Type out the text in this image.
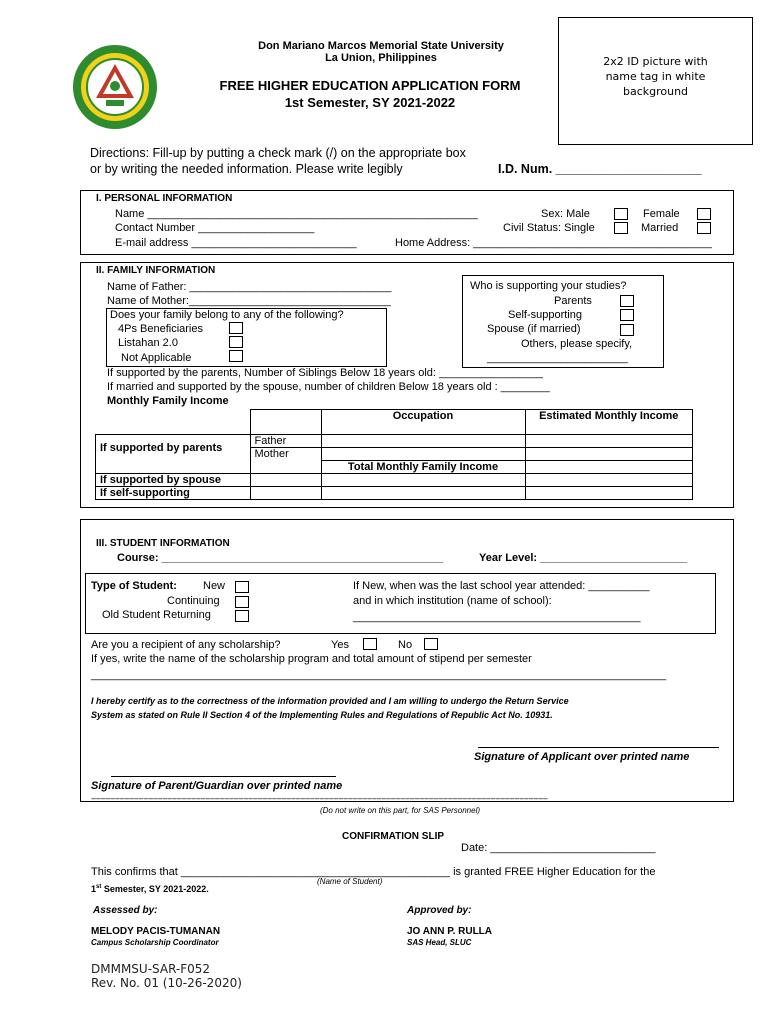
Don Mariano Marcos Memorial State University
La Union, Philippines
FREE HIGHER EDUCATION APPLICATION FORM
1st Semester, SY 2021-2022
2x2 ID picture with
name tag in white
background
Directions: Fill-up by putting a check mark (/) on the appropriate box
or by writing the needed information. Please write legibly	I.D. Num. _____________________
I. PERSONAL INFORMATION
Name ______________________________________________________	Sex: Male	Female
Contact Number ___________________	Civil Status: Single	Married
E-mail address ___________________________	Home Address: _______________________________________
II. FAMILY INFORMATION
Name of Father: _________________________________
Name of Mother:_________________________________
Does your family belong to any of the following?
4Ps Beneficiaries
Listahan 2.0
Not Applicable
Who is supporting your studies?
Parents
Self-supporting
Spouse (if married)
Others, please specify,
_______________________
If supported by the parents, Number of Siblings Below 18 years old: _________________
If married and supported by the spouse, number of children Below 18 years old : ________
Monthly Family Income
		Occupation	Estimated Monthly Income
If supported by parents	Father		
	Mother		
		Total Monthly Family Income	
If supported by spouse			
If self-supporting			
III. STUDENT INFORMATION
Course: ______________________________________________	Year Level: ________________________
Type of Student: New
Continuing
Old Student Returning
If New, when was the last school year attended: __________
and in which institution (name of school):
_______________________________________________
Are you a recipient of any scholarship?	Yes	No
If yes, write the name of the scholarship program and total amount of stipend per semester
______________________________________________________________________________________________
I hereby certify as to the correctness of the information provided and I am willing to undergo the Return Service
System as stated on Rule II Section 4 of the Implementing Rules and Regulations of Republic Act No. 10931.
Signature of Applicant over printed name
Signature of Parent/Guardian over printed name
================================================================================================
(Do not write on this part, for SAS Personnel)
CONFIRMATION SLIP
Date: ___________________________
This confirms that ____________________________________________ is granted FREE Higher Education for the
(Name of Student)
1st Semester, SY 2021-2022.
Assessed by:	Approved by:
MELODY PACIS-TUMANAN
Campus Scholarship Coordinator
JO ANN P. RULLA
SAS Head, SLUC
DMMMSU-SAR-F052
Rev. No. 01 (10-26-2020)
